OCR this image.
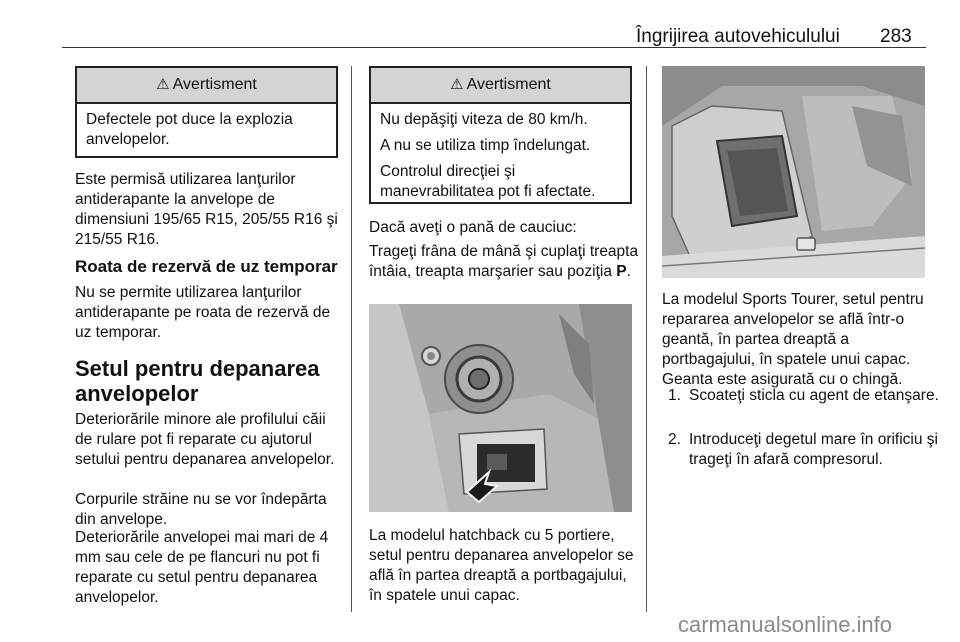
Îngrijirea autovehiculului 283
⚠ Avertisment
Defectele pot duce la explozia anvelopelor.

Este permisă utilizarea lanţurilor antiderapante la anvelope de dimensiuni 195/65 R15, 205/55 R16 şi 215/55 R16.

Roata de rezervă de uz temporar

Nu se permite utilizarea lanţurilor antiderapante pe roata de rezervă de uz temporar.

Setul pentru depanarea anvelopelor

Deteriorările minore ale profilului căii de rulare pot fi reparate cu ajutorul setului pentru depanarea anvelopelor.

Corpurile străine nu se vor îndepărta din anvelope.

Deteriorările anvelopei mai mari de 4 mm sau cele de pe flancuri nu pot fi reparate cu setul pentru depanarea anvelopelor.

⚠ Avertisment

Nu depăşiţi viteza de 80 km/h.

A nu se utiliza timp îndelungat.

Controlul direcţiei şi manevrabilitatea pot fi afectate.

Dacă aveţi o pană de cauciuc:

Trageţi frâna de mână şi cuplaţi treapta întâia, treapta marşarier sau poziţia P.

La modelul hatchback cu 5 portiere, setul pentru depanarea anvelopelor se află în partea dreaptă a portbagajului, în spatele unui capac.

La modelul Sports Tourer, setul pentru repararea anvelopelor se află într-o geantă, în partea dreaptă a portbagajului, în spatele unui capac. Geanta este asigurată cu o chingă.

1. Scoateţi sticla cu agent de etanşare.
2. Introduceţi degetul mare în orificiu şi trageţi în afară compresorul.
carmanualsonline.info
